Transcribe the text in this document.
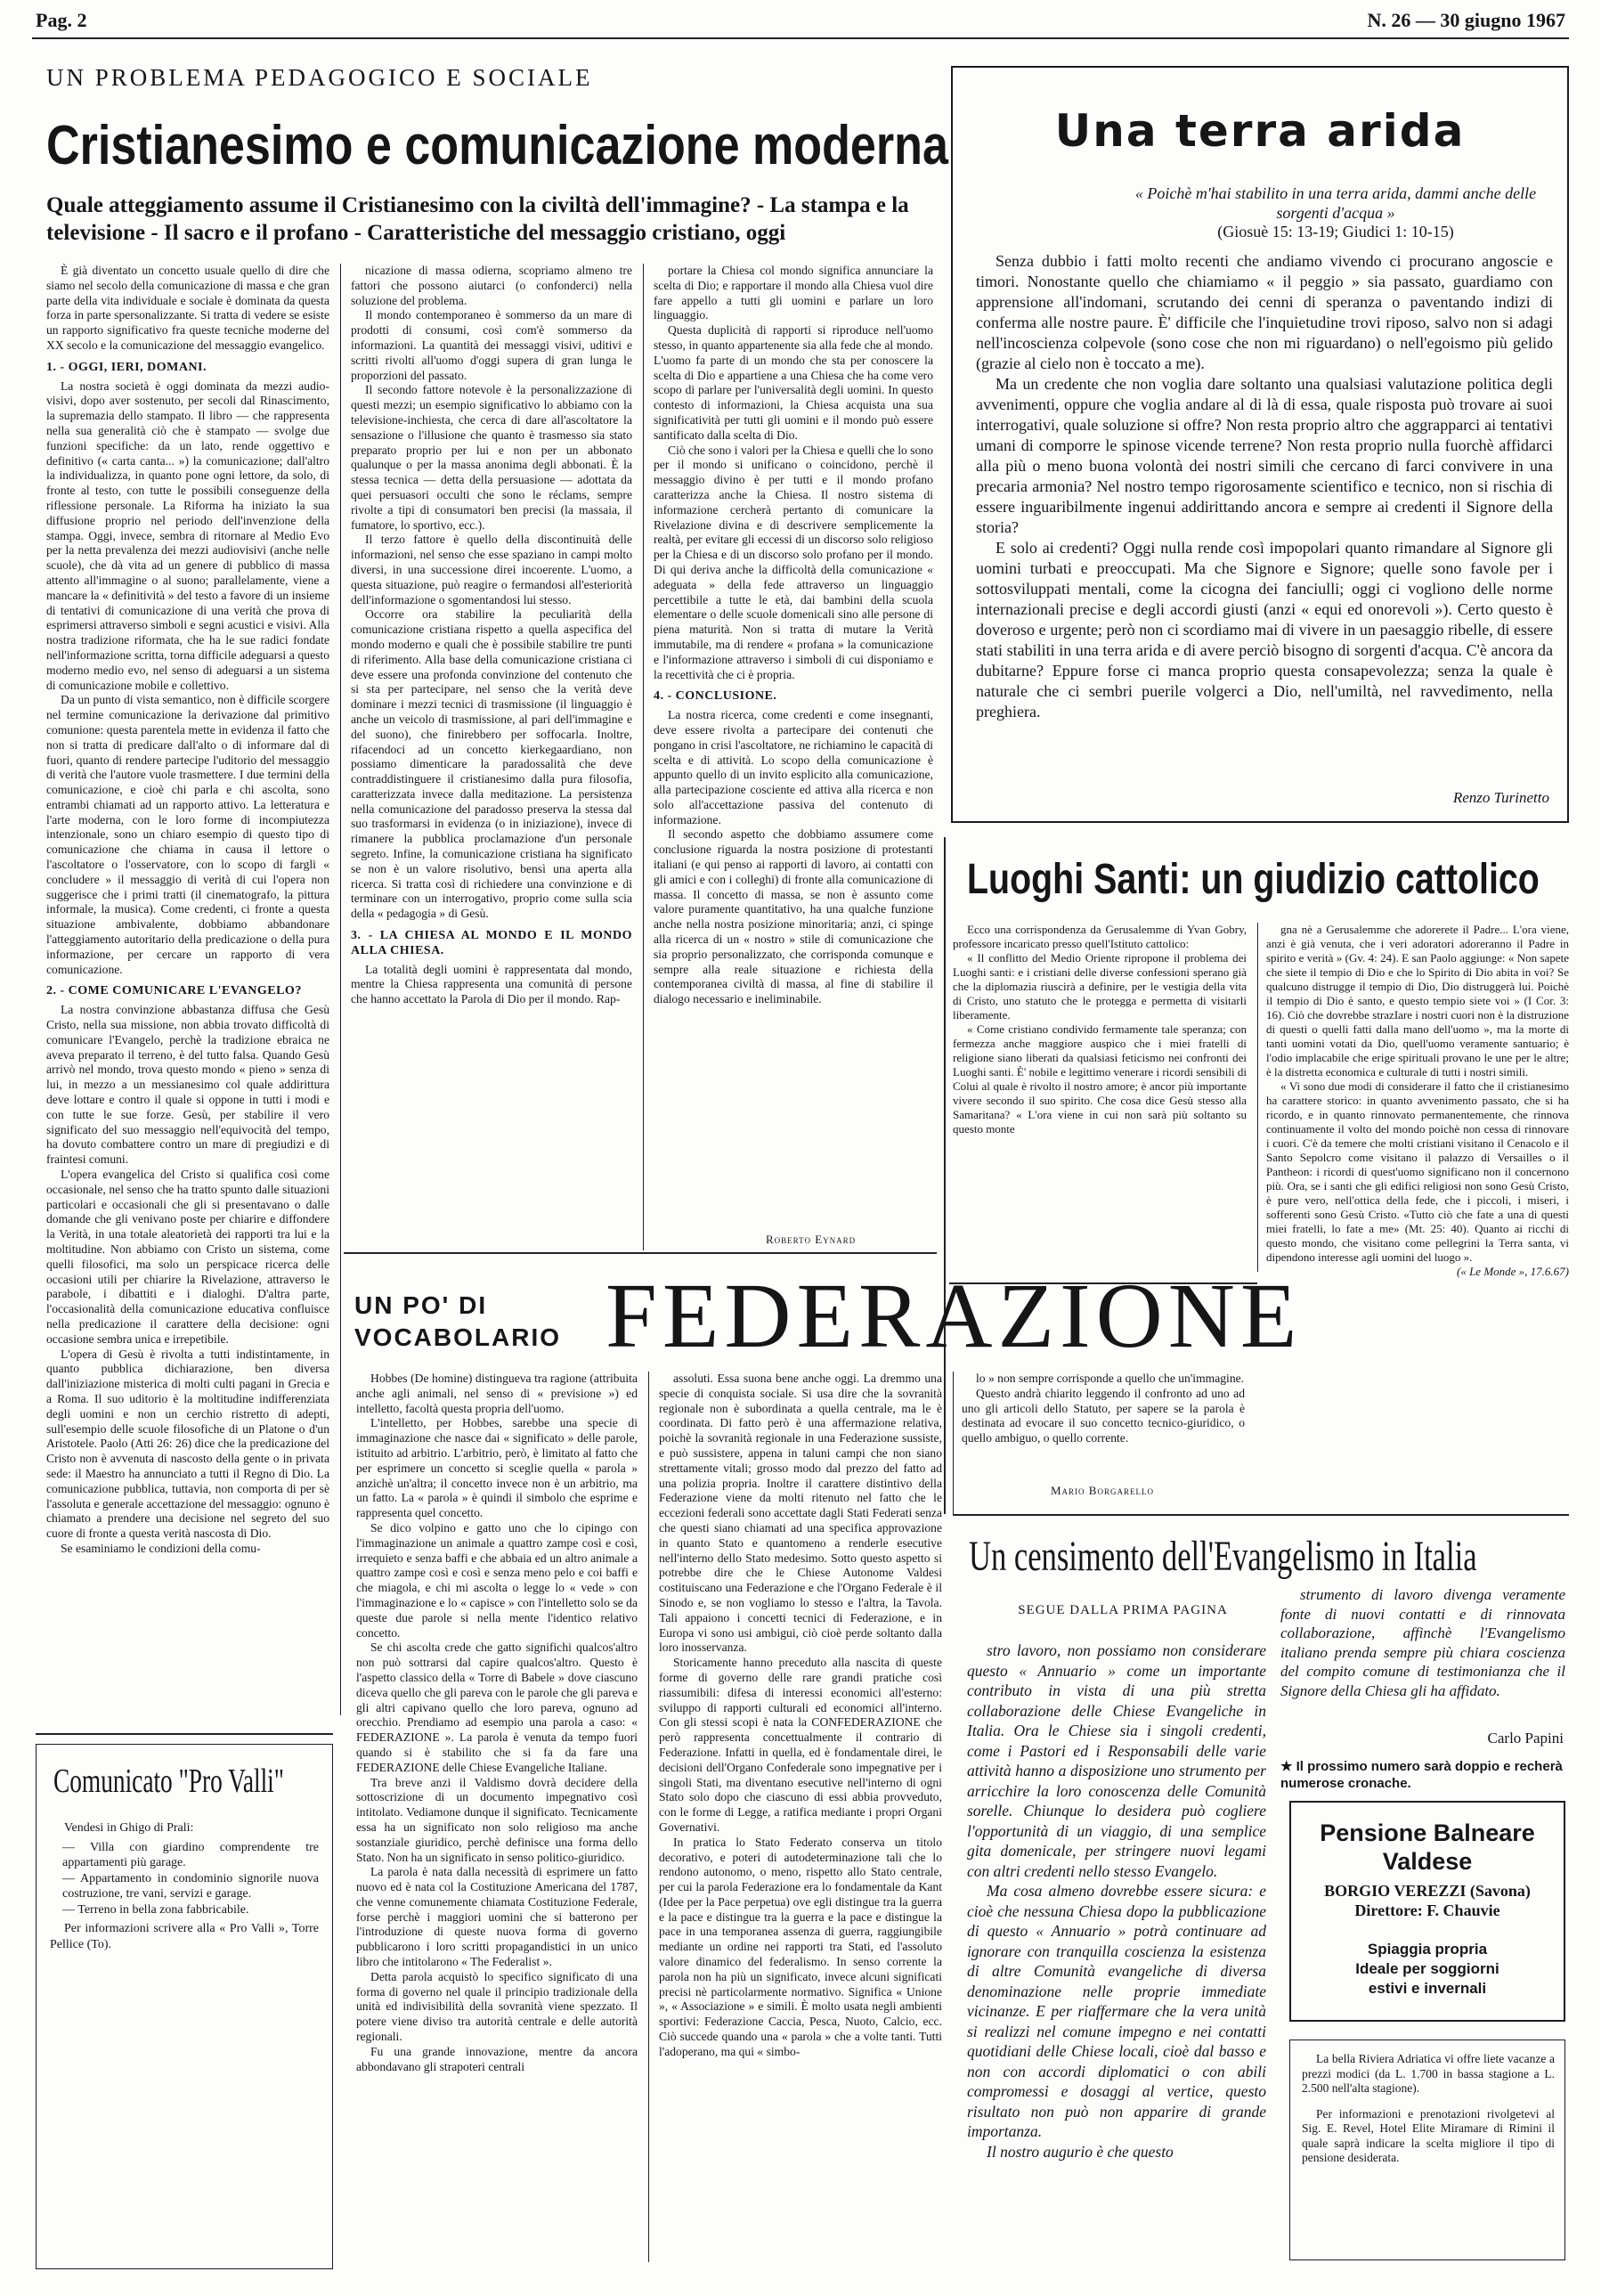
Pag. 2	N. 26 — 30 giugno 1967
UN PROBLEMA PEDAGOGICO E SOCIALE
Cristianesimo e comunicazione moderna
Quale atteggiamento assume il Cristianesimo con la civiltà dell'immagine? - La stampa e la televisione - Il sacro e il profano - Caratteristiche del messaggio cristiano, oggi

È già diventato un concetto usuale quello di dire che siamo nel secolo della comunicazione di massa e che gran parte della vita individuale e sociale è dominata da questa forza in parte spersonalizzante. Si tratta di vedere se esiste un rapporto significativo fra queste tecniche moderne del XX secolo e la comunicazione del messaggio evangelico.

1. - OGGI, IERI, DOMANI.

La nostra società è oggi dominata da mezzi audio-visivi, dopo aver sostenuto, per secoli dal Rinascimento, la supremazia dello stampato. Il libro — che rappresenta nella sua generalità ciò che è stampato — svolge due funzioni specifiche: da un lato, rende oggettivo e definitivo (« carta canta... ») la comunicazione; dall'altro la individualizza, in quanto pone ogni lettore, da solo, di fronte al testo, con tutte le possibili conseguenze della riflessione personale. La Riforma ha iniziato la sua diffusione proprio nel periodo dell'invenzione della stampa. Oggi, invece, sembra di ritornare al Medio Evo per la netta prevalenza dei mezzi audiovisivi (anche nelle scuole), che dà vita ad un genere di pubblico di massa attento all'immagine o al suono; parallelamente, viene a mancare la « definitività » del testo a favore di un insieme di tentativi di comunicazione di una verità che prova di esprimersi attraverso simboli e segni acustici e visivi. Alla nostra tradizione riformata, che ha le sue radici fondate nell'informazione scritta, torna difficile adeguarsi a questo moderno medio evo, nel senso di adeguarsi a un sistema di comunicazione mobile e collettivo.

Da un punto di vista semantico, non è difficile scorgere nel termine comunicazione la derivazione dal primitivo comunione: questa parentela mette in evidenza il fatto che non si tratta di predicare dall'alto o di informare dal di fuori, quanto di rendere partecipe l'uditorio del messaggio di verità che l'autore vuole trasmettere. I due termini della comunicazione, e cioè chi parla e chi ascolta, sono entrambi chiamati ad un rapporto attivo. La letteratura e l'arte moderna, con le loro forme di incompiutezza intenzionale, sono un chiaro esempio di questo tipo di comunicazione che chiama in causa il lettore o l'ascoltatore o l'osservatore, con lo scopo di fargli « concludere » il messaggio di verità di cui l'opera non suggerisce che i primi tratti (il cinematografo, la pittura informale, la musica). Come credenti, ci fronte a questa situazione ambivalente, dobbiamo abbandonare l'atteggiamento autoritario della predicazione o della pura informazione, per cercare un rapporto di vera comunicazione.

2. - COME COMUNICARE L'EVANGELO?

La nostra convinzione abbastanza diffusa che Gesù Cristo, nella sua missione, non abbia trovato difficoltà di comunicare l'Evangelo, perchè la tradizione ebraica ne aveva preparato il terreno, è del tutto falsa. Quando Gesù arrivò nel mondo, trova questo mondo « pieno » senza di lui, in mezzo a un messianesimo col quale addirittura deve lottare e contro il quale si oppone in tutti i modi e con tutte le sue forze. Gesù, per stabilire il vero significato del suo messaggio nell'equivocità del tempo, ha dovuto combattere contro un mare di pregiudizi e di fraintesi comuni.

L'opera evangelica del Cristo si qualifica così come occasionale, nel senso che ha tratto spunto dalle situazioni particolari e occasionali che gli si presentavano o dalle domande che gli venivano poste per chiarire e diffondere la Verità, in una totale aleatorietà dei rapporti tra lui e la moltitudine. Non abbiamo con Cristo un sistema, come quelli filosofici, ma solo un perspicace ricerca delle occasioni utili per chiarire la Rivelazione, attraverso le parabole, i dibattiti e i dialoghi. D'altra parte, l'occasionalità della comunicazione educativa confluisce nella predicazione il carattere della decisione: ogni occasione sembra unica e irrepetibile.

L'opera di Gesù è rivolta a tutti indistintamente, in quanto pubblica dichiarazione, ben diversa dall'iniziazione misterica di molti culti pagani in Grecia e a Roma. Il suo uditorio è la moltitudine indifferenziata degli uomini e non un cerchio ristretto di adepti, sull'esempio delle scuole filosofiche di un Platone o d'un Aristotele. Paolo (Atti 26: 26) dice che la predicazione del Cristo non è avvenuta di nascosto della gente o in privata sede: il Maestro ha annunciato a tutti il Regno di Dio. La comunicazione pubblica, tuttavia, non comporta di per sè l'assoluta e generale accettazione del messaggio: ognuno è chiamato a prendere una decisione nel segreto del suo cuore di fronte a questa verità nascosta di Dio.

Se esaminiamo le condizioni della comu-

nicazione di massa odierna, scopriamo almeno tre fattori che possono aiutarci (o confonderci) nella soluzione del problema.

Il mondo contemporaneo è sommerso da un mare di prodotti di consumi, così com'è sommerso da informazioni. La quantità dei messaggi visivi, uditivi e scritti rivolti all'uomo d'oggi supera di gran lunga le proporzioni del passato.

Il secondo fattore notevole è la personalizzazione di questi mezzi; un esempio significativo lo abbiamo con la televisione-inchiesta, che cerca di dare all'ascoltatore la sensazione o l'illusione che quanto è trasmesso sia stato preparato proprio per lui e non per un abbonato qualunque o per la massa anonima degli abbonati. È la stessa tecnica — detta della persuasione — adottata da quei persuasori occulti che sono le réclams, sempre rivolte a tipi di consumatori ben precisi (la massaia, il fumatore, lo sportivo, ecc.).

Il terzo fattore è quello della discontinuità delle informazioni, nel senso che esse spaziano in campi molto diversi, in una successione direi incoerente. L'uomo, a questa situazione, può reagire o fermandosi all'esteriorità dell'informazione o sgomentandosi lui stesso.

Occorre ora stabilire la peculiarità della comunicazione cristiana rispetto a quella aspecifica del mondo moderno e quali che è possibile stabilire tre punti di riferimento. Alla base della comunicazione cristiana ci deve essere una profonda convinzione del contenuto che si sta per partecipare, nel senso che la verità deve dominare i mezzi tecnici di trasmissione (il linguaggio è anche un veicolo di trasmissione, al pari dell'immagine e del suono), che finirebbero per soffocarla. Inoltre, rifacendoci ad un concetto kierkegaardiano, non possiamo dimenticare la paradossalità che deve contraddistinguere il cristianesimo dalla pura filosofia, caratterizzata invece dalla meditazione. La persistenza nella comunicazione del paradosso preserva la stessa dal suo trasformarsi in evidenza (o in iniziazione), invece di rimanere la pubblica proclamazione d'un personale segreto. Infine, la comunicazione cristiana ha significato se non è un valore risolutivo, bensì una aperta alla ricerca. Si tratta così di richiedere una convinzione e di terminare con un interrogativo, proprio come sulla scia della « pedagogia » di Gesù.

3. - LA CHIESA AL MONDO E IL MONDO ALLA CHIESA.

La totalità degli uomini è rappresentata dal mondo, mentre la Chiesa rappresenta una comunità di persone che hanno accettato la Parola di Dio per il mondo. Rap-

portare la Chiesa col mondo significa annunciare la scelta di Dio; e rapportare il mondo alla Chiesa vuol dire fare appello a tutti gli uomini e parlare un loro linguaggio.

Questa duplicità di rapporti si riproduce nell'uomo stesso, in quanto appartenente sia alla fede che al mondo. L'uomo fa parte di un mondo che sta per conoscere la scelta di Dio e appartiene a una Chiesa che ha come vero scopo di parlare per l'universalità degli uomini. In questo contesto di informazioni, la Chiesa acquista una sua significatività per tutti gli uomini e il mondo può essere santificato dalla scelta di Dio.

Ciò che sono i valori per la Chiesa e quelli che lo sono per il mondo si unificano o coincidono, perchè il messaggio divino è per tutti e il mondo profano caratterizza anche la Chiesa. Il nostro sistema di informazione cercherà pertanto di comunicare la Rivelazione divina e di descrivere semplicemente la realtà, per evitare gli eccessi di un discorso solo religioso per la Chiesa e di un discorso solo profano per il mondo. Di qui deriva anche la difficoltà della comunicazione « adeguata » della fede attraverso un linguaggio percettibile a tutte le età, dai bambini della scuola elementare o delle scuole domenicali sino alle persone di piena maturità. Non si tratta di mutare la Verità immutabile, ma di rendere « profana » la comunicazione e l'informazione attraverso i simboli di cui disponiamo e la recettività che ci è propria.

4. - CONCLUSIONE.

La nostra ricerca, come credenti e come insegnanti, deve essere rivolta a partecipare dei contenuti che pongano in crisi l'ascoltatore, ne richiamino le capacità di scelta e di attività. Lo scopo della comunicazione è appunto quello di un invito esplicito alla comunicazione, alla partecipazione cosciente ed attiva alla ricerca e non solo all'accettazione passiva del contenuto di informazione.

Il secondo aspetto che dobbiamo assumere come conclusione riguarda la nostra posizione di protestanti italiani (e qui penso ai rapporti di lavoro, ai contatti con gli amici e con i colleghi) di fronte alla comunicazione di massa. Il concetto di massa, se non è assunto come valore puramente quantitativo, ha una qualche funzione anche nella nostra posizione minoritaria; anzi, ci spinge alla ricerca di un « nostro » stile di comunicazione che sia proprio personalizzato, che corrisponda comunque e sempre alla reale situazione e richiesta della contemporanea civiltà di massa, al fine di stabilire il dialogo necessario e ineliminabile.

Roberto Eynard
Una terra arida
« Poichè m'hai stabilito in una terra arida, dammi anche delle sorgenti d'acqua »
(Giosuè 15: 13-19; Giudici 1: 10-15)

Senza dubbio i fatti molto recenti che andiamo vivendo ci procurano angoscie e timori. Nonostante quello che chiamiamo « il peggio » sia passato, guardiamo con apprensione all'indomani, scrutando dei cenni di speranza o paventando indizi di conferma alle nostre paure. È' difficile che l'inquietudine trovi riposo, salvo non si adagi nell'incoscienza colpevole (sono cose che non mi riguardano) o nell'egoismo più gelido (grazie al cielo non è toccato a me).

Ma un credente che non voglia dare soltanto una qualsiasi valutazione politica degli avvenimenti, oppure che voglia andare al di là di essa, quale risposta può trovare ai suoi interrogativi, quale soluzione si offre? Non resta proprio altro che aggrapparci ai tentativi umani di comporre le spinose vicende terrene? Non resta proprio nulla fuorchè affidarci alla più o meno buona volontà dei nostri simili che cercano di farci convivere in una precaria armonia? Nel nostro tempo rigorosamente scientifico e tecnico, non si rischia di essere inguaribilmente ingenui addirittando ancora e sempre ai credenti il Signore della storia?

E solo ai credenti? Oggi nulla rende così impopolari quanto rimandare al Signore gli uomini turbati e preoccupati. Ma che Signore e Signore; quelle sono favole per i sottosviluppati mentali, come la cicogna dei fanciulli; oggi ci vogliono delle norme internazionali precise e degli accordi giusti (anzi « equi ed onorevoli »). Certo questo è doveroso e urgente; però non ci scordiamo mai di vivere in un paesaggio ribelle, di essere stati stabiliti in una terra arida e di avere perciò bisogno di sorgenti d'acqua. C'è ancora da dubitarne? Eppure forse ci manca proprio questa consapevolezza; senza la quale è naturale che ci sembri puerile volgerci a Dio, nell'umiltà, nel ravvedimento, nella preghiera.

Renzo Turinetto
Luoghi Santi: un giudizio cattolico

Ecco una corrispondenza da Gerusalemme di Yvan Gobry, professore incaricato presso quell'Istituto cattolico:

« Il conflitto del Medio Oriente ripropone il problema dei Luoghi santi: e i cristiani delle diverse confessioni sperano già che la diplomazia riuscirà a definire, per le vestigia della vita di Cristo, uno statuto che le protegga e permetta di visitarli liberamente.

« Come cristiano condivido fermamente tale speranza; con fermezza anche maggiore auspico che i miei fratelli di religione siano liberati da qualsiasi feticismo nei confronti dei Luoghi santi. È' nobile e legittimo venerare i ricordi sensibili di Colui al quale è rivolto il nostro amore; è ancor più importante vivere secondo il suo spirito. Che cosa dice Gesù stesso alla Samaritana? « L'ora viene in cui non sarà più soltanto su questo monte

gna nè a Gerusalemme che adorerete il Padre... L'ora viene, anzi è già venuta, che i veri adoratori adoreranno il Padre in spirito e verità » (Gv. 4: 24). E san Paolo aggiunge: « Non sapete che siete il tempio di Dio e che lo Spirito di Dio abita in voi? Se qualcuno distrugge il tempio di Dio, Dio distruggerà lui. Poichè il tempio di Dio è santo, e questo tempio siete voi » (I Cor. 3: 16). Ciò che dovrebbe strazIare i nostri cuori non è la distruzione di questi o quelli fatti dalla mano dell'uomo », ma la morte di tanti uomini votati da Dio, quell'uomo veramente santuario; è l'odio implacabile che erige spirituali provano le une per le altre; è la distretta economica e culturale di tutti i nostri simili.

« Vi sono due modi di considerare il fatto che il cristianesimo ha carattere storico: in quanto avvenimento passato, che si ha ricordo, e in quanto rinnovato permanentemente, che rinnova continuamente il volto del mondo poichè non cessa di rinnovare i cuori. C'è da temere che molti cristiani visitano il Cenacolo e il Santo Sepolcro come visitano il palazzo di Versailles o il Pantheon: i ricordi di quest'uomo significano non il concernono più. Ora, se i santi che gli edifici religiosi non sono Gesù Cristo, è pure vero, nell'ottica della fede, che i piccoli, i miseri, i sofferenti sono Gesù Cristo. «Tutto ciò che fate a una di questi miei fratelli, lo fate a me» (Mt. 25: 40). Quanto ai ricchi di questo mondo, che visitano come pellegrini la Terra santa, vi dipendono interesse agli uomini del luogo ».

(« Le Monde », 17.6.67)

UN PO' DI
VOCABOLARIO FEDERAZIONE

Hobbes (De homine) distingueva tra ragione (attribuita anche agli animali, nel senso di « previsione ») ed intelletto, facoltà questa propria dell'uomo.

L'intelletto, per Hobbes, sarebbe una specie di immaginazione che nasce dai « significato » delle parole, istituito ad arbitrio. L'arbitrio, però, è limitato al fatto che per esprimere un concetto si sceglie quella « parola » anzichè un'altra; il concetto invece non è un arbitrio, ma un fatto. La « parola » è quindi il simbolo che esprime e rappresenta quel concetto.

Se dico volpino e gatto uno che lo cipingo con l'immaginazione un animale a quattro zampe così e così, irrequieto e senza baffi e che abbaia ed un altro animale a quattro zampe così e così e senza meno pelo e coi baffi e che miagola, e chi mi ascolta o legge lo « vede » con l'immaginazione e lo « capisce » con l'intelletto solo se da queste due parole si nella mente l'identico relativo concetto.

Se chi ascolta crede che gatto significhi qualcos'altro non può sottrarsi dal capire qualcos'altro. Questo è l'aspetto classico della « Torre di Babele » dove ciascuno diceva quello che gli pareva con le parole che gli pareva e gli altri capivano quello che loro pareva, ognuno ad orecchio. Prendiamo ad esempio una parola a caso: « FEDERAZIONE ». La parola è venuta da tempo fuori quando si è stabilito che si fa da fare una FEDERAZIONE delle Chiese Evangeliche Italiane.

Tra breve anzi il Valdismo dovrà decidere della sottoscrizione di un documento impegnativo così intitolato. Vediamone dunque il significato. Tecnicamente essa ha un significato non solo religioso ma anche sostanziale giuridico, perchè definisce una forma dello Stato. Non ha un significato in senso politico-giuridico.

La parola è nata dalla necessità di esprimere un fatto nuovo ed è nata col la Costituzione Americana del 1787, che venne comunemente chiamata Costituzione Federale, forse perchè i maggiori uomini che si batterono per l'introduzione di queste nuova forma di governo pubblicarono i loro scritti propagandistici in un unico libro che intitolarono « The Federalist ».

Detta parola acquistò lo specifico significato di una forma di governo nel quale il principio tradizionale della unità ed indivisibilità della sovranità viene spezzato. Il potere viene diviso tra autorità centrale e delle autorità regionali.

Fu una grande innovazione, mentre da ancora abbondavano gli strapoteri centrali

assoluti. Essa suona bene anche oggi. La dremmo una specie di conquista sociale. Si usa dire che la sovranità regionale non è subordinata a quella centrale, ma le è coordinata. Di fatto però è una affermazione relativa, poichè la sovranità regionale in una Federazione sussiste, e può sussistere, appena in taluni campi che non siano strettamente vitali; grosso modo dal prezzo del fatto ad una polizia propria. Inoltre il carattere distintivo della Federazione viene da molti ritenuto nel fatto che le eccezioni federali sono accettate dagli Stati Federati senza che questi siano chiamati ad una specifica approvazione in quanto Stato e quantomeno a renderle esecutive nell'interno dello Stato medesimo. Sotto questo aspetto si potrebbe dire che le Chiese Autonome Valdesi costituiscano una Federazione e che l'Organo Federale è il Sinodo e, se non vogliamo lo stesso e l'altra, la Tavola. Tali appaiono i concetti tecnici di Federazione, e in Europa vi sono usi ambigui, ciò cioè perde soltanto dalla loro inosservanza.

Storicamente hanno preceduto alla nascita di queste forme di governo delle rare grandi pratiche così riassumibili: difesa di interessi economici all'esterno: sviluppo di rapporti culturali ed economici all'interno. Con gli stessi scopi è nata la CONFEDERAZIONE che però rappresenta concettualmente il contrario di Federazione. Infatti in quella, ed è fondamentale direi, le decisioni dell'Organo Confederale sono impegnative per i singoli Stati, ma diventano esecutive nell'interno di ogni Stato solo dopo che ciascuno di essi abbia provveduto, con le forme di Legge, a ratifica mediante i propri Organi Governativi.

In pratica lo Stato Federato conserva un titolo decorativo, e poteri di autodeterminazione tali che lo rendono autonomo, o meno, rispetto allo Stato centrale, per cui la parola Federazione era lo fondamentale da Kant (Idee per la Pace perpetua) ove egli distingue tra la guerra e la pace e distingue tra la guerra e la pace e distingue la pace in una temporanea assenza di guerra, raggiungibile mediante un ordine nei rapporti tra Stati, ed l'assoluto valore dinamico del federalismo. In senso corrente la parola non ha più un significato, invece alcuni significati precisi nè particolarmente normativo. Significa « Unione », « Associazione » e simili. È molto usata negli ambienti sportivi: Federazione Caccia, Pesca, Nuoto, Calcio, ecc. Ciò succede quando una « parola » che a volte tanti. Tutti l'adoperano, ma qui « simbo-

lo » non sempre corrisponde a quello che un'immagine.

Questo andrà chiarito leggendo il confronto ad uno ad uno gli articoli dello Statuto, per sapere se la parola è destinata ad evocare il suo concetto tecnico-giuridico, o quello ambiguo, o quello corrente.

Mario Borgarello
Un censimento dell'Evangelismo in Italia
SEGUE DALLA PRIMA PAGINA

stro lavoro, non possiamo non considerare questo « Annuario » come un importante contributo in vista di una più stretta collaborazione delle Chiese Evangeliche in Italia. Ora le Chiese sia i singoli credenti, come i Pastori ed i Responsabili delle varie attività hanno a disposizione uno strumento per arricchire la loro conoscenza delle Comunità sorelle. Chiunque lo desidera può cogliere l'opportunità di un viaggio, di una semplice gita domenicale, per stringere nuovi legami con altri credenti nello stesso Evangelo.

Ma cosa almeno dovrebbe essere sicura: e cioè che nessuna Chiesa dopo la pubblicazione di questo « Annuario » potrà continuare ad ignorare con tranquilla coscienza la esistenza di altre Comunità evangeliche di diversa denominazione nelle proprie immediate vicinanze. E per riaffermare che la vera unità si realizzi nel comune impegno e nei contatti quotidiani delle Chiese locali, cioè dal basso e non con accordi diplomatici o con abili compromessi e dosaggi al vertice, questo risultato non può non apparire di grande importanza.

Il nostro augurio è che questo

strumento di lavoro divenga veramente fonte di nuovi contatti e di rinnovata collaborazione, affinchè l'Evangelismo italiano prenda sempre più chiara coscienza del compito comune di testimonianza che il Signore della Chiesa gli ha affidato.

Carlo Papini
★ Il prossimo numero sarà doppio e recherà numerose cronache.
Pensione Balneare
Valdese
BORGIO VEREZZI (Savona)
Direttore: F. Chauvie
Spiaggia propria
Ideale per soggiorni
estivi e invernali

La bella Riviera Adriatica vi offre liete vacanze a prezzi modici (da L. 1.700 in bassa stagione a L. 2.500 nell'alta stagione).

Per informazioni e prenotazioni rivolgetevi al Sig. E. Revel, Hotel Elite Miramare di Rimini il quale saprà indicare la scelta migliore il tipo di pensione desiderata.

Comunicato "Pro Valli"

Vendesi in Ghigo di Prali:

— Villa con giardino comprendente tre appartamenti più garage.

— Appartamento in condominio signorile nuova costruzione, tre vani, servizi e garage.

— Terreno in bella zona fabbricabile.

Per informazioni scrivere alla « Pro Valli », Torre Pellice (To).
